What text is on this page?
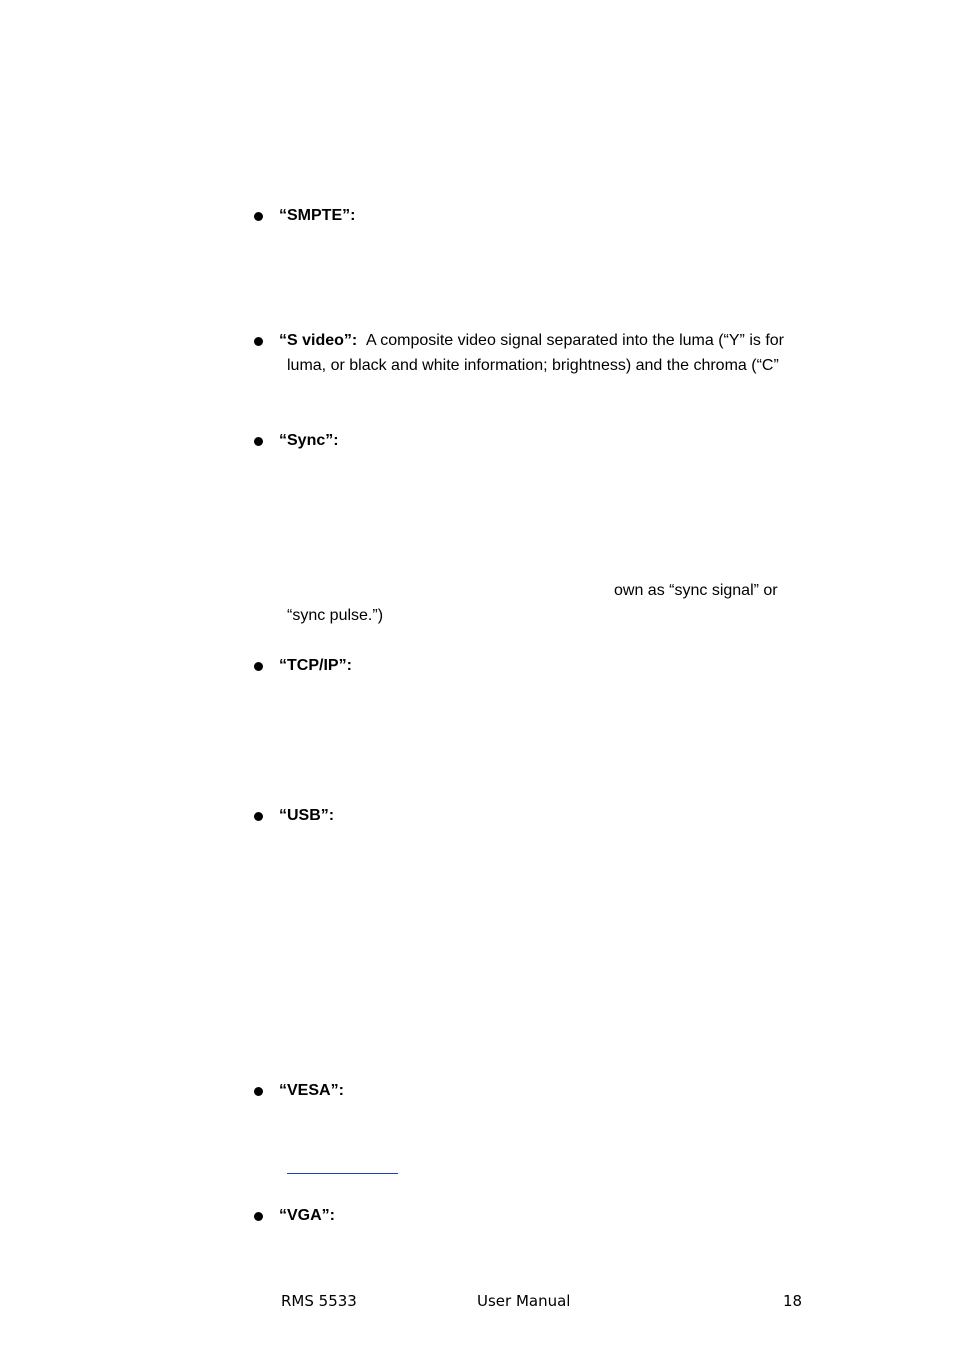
“SMPTE”:
“S video”: A composite video signal separated into the luma (“Y” is for
luma, or black and white information; brightness) and the chroma (“C”
“Sync”:
own as “sync signal” or
“sync pulse.”)
“TCP/IP”:
“USB”:
“VESA”:
“VGA”:
RMS 5533	User Manual	18
